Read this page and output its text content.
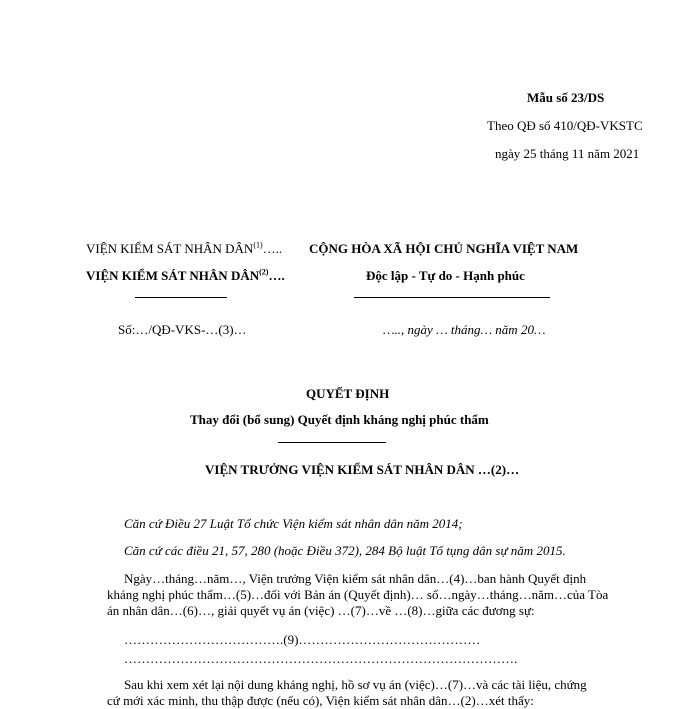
Mẫu số 23/DS
Theo QĐ số 410/QĐ-VKSTC
ngày 25 tháng 11 năm 2021
VIỆN KIỂM SÁT NHÂN DÂN$^{(1)}$…..
VIỆN KIỂM SÁT NHÂN DÂN$^{(2)}$….
Số:…/QĐ-VKS-…(3)…
CỘNG HÒA XÃ HỘI CHỦ NGHĨA VIỆT NAM
Độc lập - Tự do - Hạnh phúc
….., ngày … tháng… năm 20…
QUYẾT ĐỊNH
Thay đổi (bổ sung) Quyết định kháng nghị phúc thẩm
VIỆN TRƯỞNG VIỆN KIỂM SÁT NHÂN DÂN …(2)…
Căn cứ Điều 27 Luật Tổ chức Viện kiểm sát nhân dân năm 2014;
Căn cứ các điều 21, 57, 280 (hoặc Điều 372), 284 Bộ luật Tố tụng dân sự năm 2015.
Ngày…tháng…năm…, Viện trưởng Viện kiểm sát nhân dân…(4)…ban hành Quyết định
kháng nghị phúc thẩm…(5)…đối với Bản án (Quyết định)… số…ngày…tháng…năm…của Tòa
án nhân dân…(6)…, giải quyết vụ án (việc) …(7)…về …(8)…giữa các đương sự:
……………………………….(9)……………………………………
……………………………………………………………………………….
Sau khi xem xét lại nội dung kháng nghị, hồ sơ vụ án (việc)…(7)…và các tài liệu, chứng
cứ mới xác minh, thu thập được (nếu có), Viện kiểm sát nhân dân…(2)…xét thấy:
